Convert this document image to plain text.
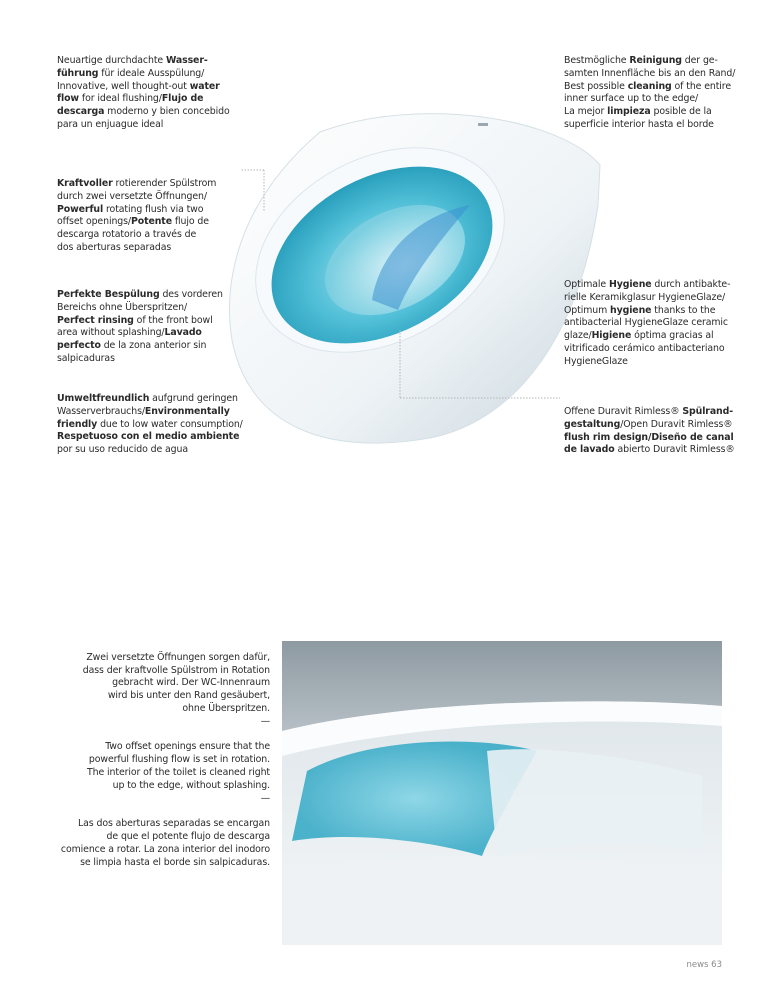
Neuartige durchdachte Wasser-
führung für ideale Ausspülung/
Innovative, well thought-out water
flow for ideal flushing/Flujo de
descarga moderno y bien concebido
para un enjuague ideal
Kraftvoller rotierender Spülstrom
durch zwei versetzte Öffnungen/
Powerful rotating flush via two
offset openings/Potente flujo de
descarga rotatorio a través de
dos aberturas separadas
Perfekte Bespülung des vorderen
Bereichs ohne Überspritzen/
Perfect rinsing of the front bowl
area without splashing/Lavado
perfecto de la zona anterior sin
salpicaduras
Umweltfreundlich aufgrund geringen
Wasserverbrauchs/Environmentally
friendly due to low water consumption/
Respetuoso con el medio ambiente
por su uso reducido de agua
Bestmögliche Reinigung der ge-
samten Innenfläche bis an den Rand/
Best possible cleaning of the entire
inner surface up to the edge/
La mejor limpieza posible de la
superficie interior hasta el borde
Optimale Hygiene durch antibakte-
rielle Keramikglasur HygieneGlaze/
Optimum hygiene thanks to the
antibacterial HygieneGlaze ceramic
glaze/Higiene óptima gracias al
vitrificado cerámico antibacteriano
HygieneGlaze
Offene Duravit Rimless® Spülrand-
gestaltung/Open Duravit Rimless®
flush rim design/Diseño de canal
de lavado abierto Duravit Rimless®

Zwei versetzte Öffnungen sorgen dafür,
dass der kraftvolle Spülstrom in Rotation
gebracht wird. Der WC-Innenraum
wird bis unter den Rand gesäubert,
ohne Überspritzen.

—

Two offset openings ensure that the
powerful flushing flow is set in rotation.
The interior of the toilet is cleaned right
up to the edge, without splashing.

—

Las dos aberturas separadas se encargan
de que el potente flujo de descarga
comience a rotar. La zona interior del inodoro
se limpia hasta el borde sin salpicaduras.

news 63
